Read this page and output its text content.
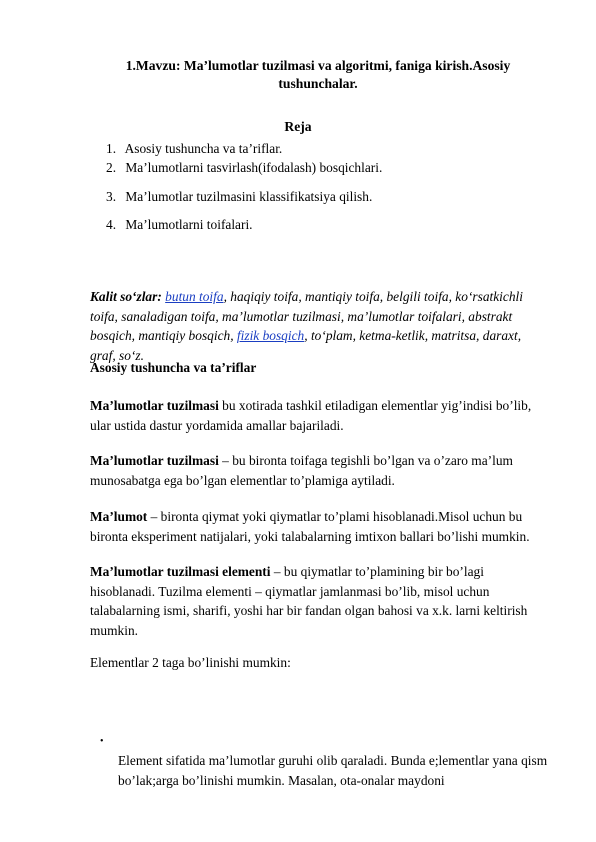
1.Mavzu: Ma’lumotlar tuzilmasi va algoritmi, faniga kirish.Asosiy
tushunchalar.
Reja
1. Asosiy tushuncha va ta’riflar.
2. Ma’lumotlarni tasvirlash(ifodalash) bosqichlari.
3. Ma’lumotlar tuzilmasini klassifikatsiya qilish.
4. Ma’lumotlarni toifalari.
Kalit so‘zlar: butun toifa, haqiqiy toifa, mantiqiy toifa, belgili toifa, ko‘rsatkichli toifa, sanaladigan toifa, ma’lumotlar tuzilmasi, ma’lumotlar toifalari, abstrakt bosqich, mantiqiy bosqich, fizik bosqich, to‘plam, ketma-ketlik, matritsa, daraxt, graf, so‘z.
Asosiy tushuncha va ta’riflar
Ma’lumotlar tuzilmasi bu xotirada tashkil etiladigan elementlar yig’indisi bo’lib, ular ustida dastur yordamida amallar bajariladi.
Ma’lumotlar tuzilmasi – bu bironta toifaga tegishli bo’lgan va o’zaro ma’lum munosabatga ega bo’lgan elementlar to’plamiga aytiladi.
Ma’lumot – bironta qiymat yoki qiymatlar to’plami hisoblanadi.Misol uchun bu bironta eksperiment natijalari, yoki talabalarning imtixon ballari bo’lishi mumkin.
Ma’lumotlar tuzilmasi elementi – bu qiymatlar to’plamining bir bo’lagi hisoblanadi. Tuzilma elementi – qiymatlar jamlanmasi bo’lib, misol uchun talabalarning ismi, sharifi, yoshi har bir fandan olgan bahosi va x.k. larni keltirish mumkin.
Elementlar 2 taga bo’linishi mumkin:
•
Element sifatida ma’lumotlar guruhi olib qaraladi. Bunda e;lementlar yana qism bo’lak;arga bo’linishi mumkin. Masalan, ota-onalar maydoni
